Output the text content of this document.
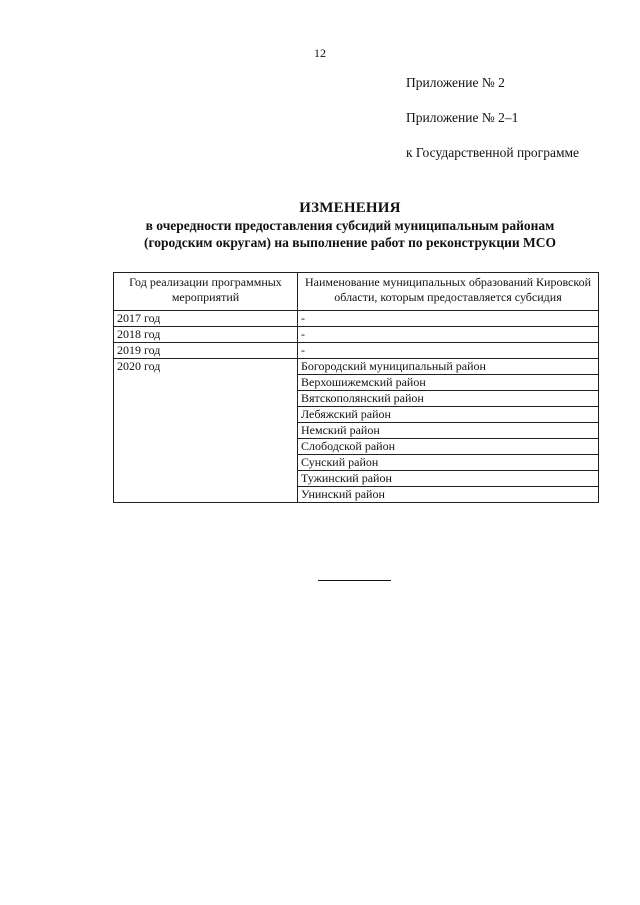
12
Приложение № 2
Приложение № 2–1
к Государственной программе
ИЗМЕНЕНИЯ
в очередности предоставления субсидий муниципальным районам
(городским округам) на выполнение работ по реконструкции МСО
Год реализации программных мероприятий	Наименование муниципальных образований Кировской области, которым предоставляется субсидия
2017 год	-
2018 год	-
2019 год	-
2020 год	Богородский муниципальный район
	Верхошижемский район
	Вятскополянский район
	Лебяжский район
	Немский район
	Слободской район
	Сунский район
	Тужинский район
	Унинский район
